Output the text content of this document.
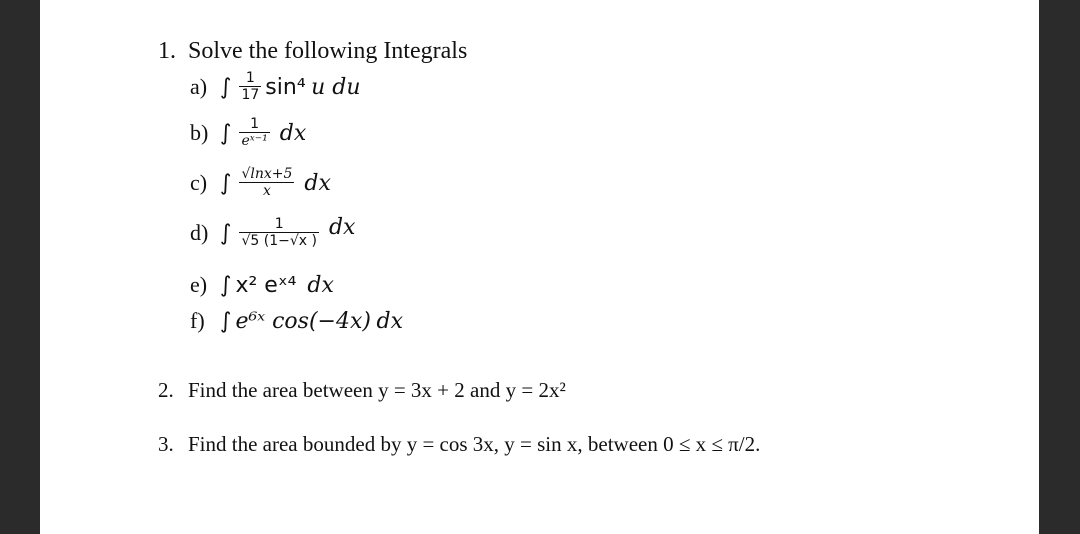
1. Solve the following Integrals
a) ∫ $\frac{1}{17} \sin^4$
u du
b) ∫ $\frac{1}{\text{eˣ⁻¹}}$ dx
c) ∫ $\frac{√\ln x+5}{x}$ dx
d) ∫ $\frac{1}{√5 (1-√x )}$ dx
e) ∫ x² eˣ⁴
dx
f) ∫ e⁶ˣ cos(−4x)
dx
2. Find the area between y = 3x + 2 and y = 2x²
3. Find the area bounded by y = cos 3x, y = sin x, between 0 ≤ x ≤ π/2.
